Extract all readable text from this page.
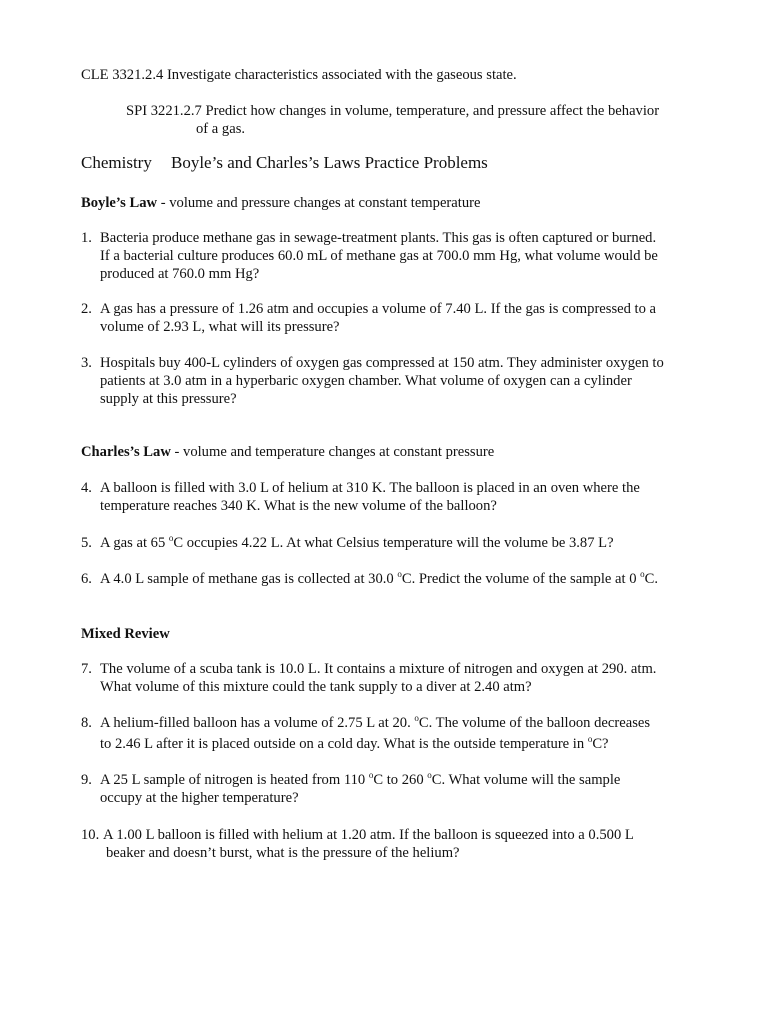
CLE 3321.2.4 Investigate characteristics associated with the gaseous state.
SPI 3221.2.7 Predict how changes in volume, temperature, and pressure affect the behavior
of a gas.
Chemistry Boyle’s and Charles’s Laws Practice Problems
Boyle’s Law - volume and pressure changes at constant temperature
1. Bacteria produce methane gas in sewage-treatment plants. This gas is often captured or burned.
If a bacterial culture produces 60.0 mL of methane gas at 700.0 mm Hg, what volume would be
produced at 760.0 mm Hg?
2. A gas has a pressure of 1.26 atm and occupies a volume of 7.40 L. If the gas is compressed to a
volume of 2.93 L, what will its pressure?
3. Hospitals buy 400-L cylinders of oxygen gas compressed at 150 atm. They administer oxygen to
patients at 3.0 atm in a hyperbaric oxygen chamber. What volume of oxygen can a cylinder
supply at this pressure?
Charles’s Law - volume and temperature changes at constant pressure
4. A balloon is filled with 3.0 L of helium at 310 K. The balloon is placed in an oven where the
temperature reaches 340 K. What is the new volume of the balloon?
5. A gas at 65 $^o$C occupies 4.22 L. At what Celsius temperature will the volume be 3.87 L?
6. A 4.0 L sample of methane gas is collected at 30.0 $^o$C. Predict the volume of the sample at 0 $^o$C.
Mixed Review
7. The volume of a scuba tank is 10.0 L. It contains a mixture of nitrogen and oxygen at 290. atm.
What volume of this mixture could the tank supply to a diver at 2.40 atm?
8. A helium-filled balloon has a volume of 2.75 L at 20. $^o$C. The volume of the balloon decreases
to 2.46 L after it is placed outside on a cold day. What is the outside temperature in $^o$C?
9. A 25 L sample of nitrogen is heated from 110 $^o$C to 260 $^o$C. What volume will the sample
occupy at the higher temperature?
10. A 1.00 L balloon is filled with helium at 1.20 atm. If the balloon is squeezed into a 0.500 L
beaker and doesn’t burst, what is the pressure of the helium?
